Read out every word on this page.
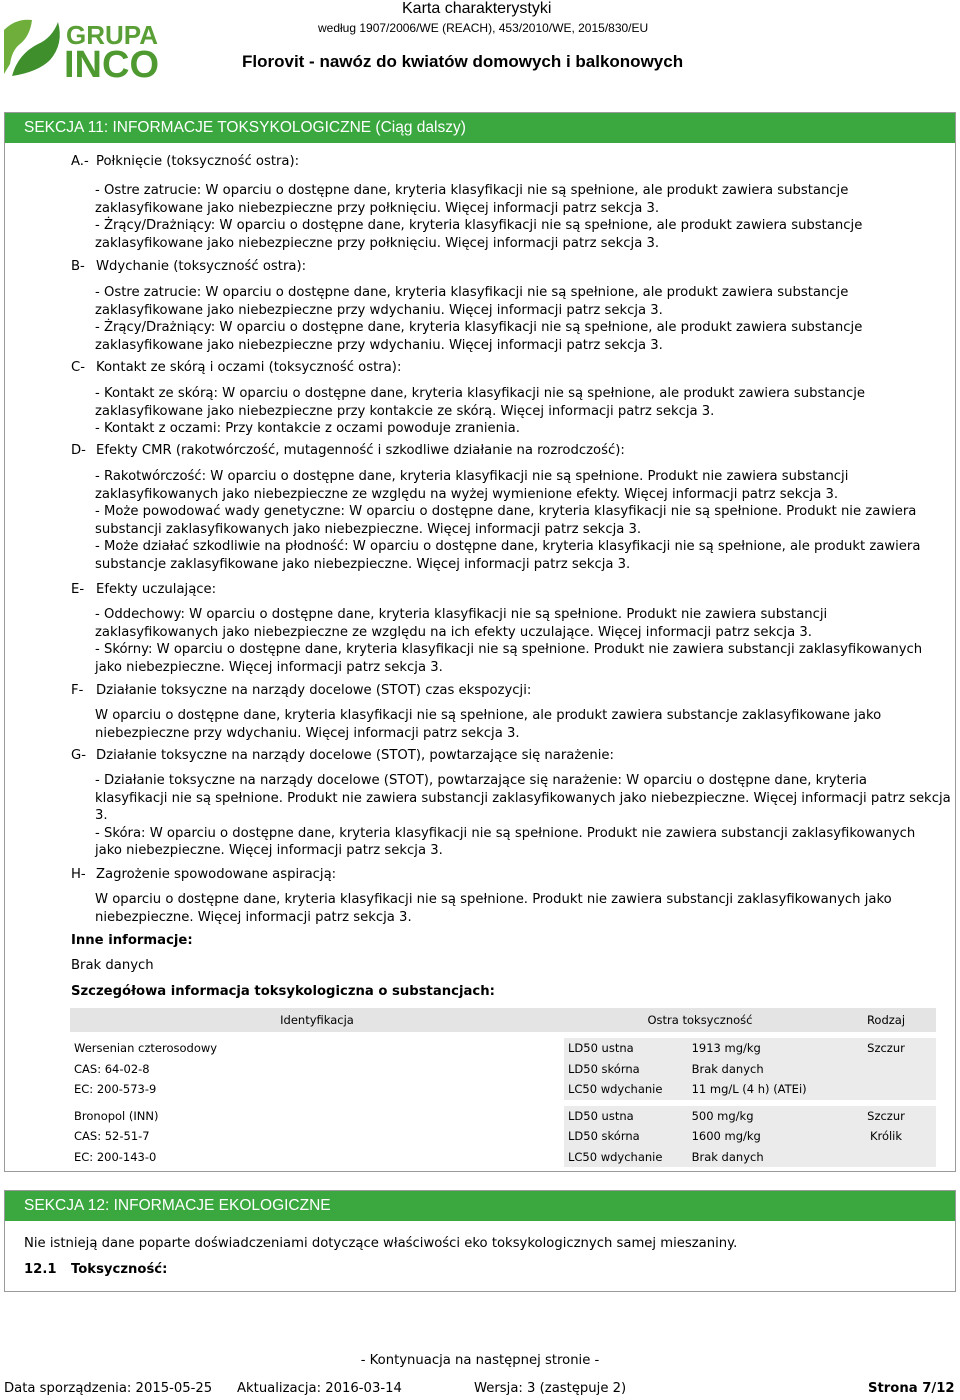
GRUPA
INCO
Karta charakterystyki
według 1907/2006/WE (REACH), 453/2010/WE, 2015/830/EU
Florovit - nawóz do kwiatów domowych i balkonowych
SEKCJA 11: INFORMACJE TOKSYKOLOGICZNE (Ciąg dalszy)
A.- Połknięcie (toksyczność ostra):
- Ostre zatrucie: W oparciu o dostępne dane, kryteria klasyfikacji nie są spełnione, ale produkt zawiera substancje
zaklasyfikowane jako niebezpieczne przy połknięciu. Więcej informacji patrz sekcja 3.
- Żrący/Drażniący: W oparciu o dostępne dane, kryteria klasyfikacji nie są spełnione, ale produkt zawiera substancje
zaklasyfikowane jako niebezpieczne przy połknięciu. Więcej informacji patrz sekcja 3.
B- Wdychanie (toksyczność ostra):
- Ostre zatrucie: W oparciu o dostępne dane, kryteria klasyfikacji nie są spełnione, ale produkt zawiera substancje
zaklasyfikowane jako niebezpieczne przy wdychaniu. Więcej informacji patrz sekcja 3.
- Żrący/Drażniący: W oparciu o dostępne dane, kryteria klasyfikacji nie są spełnione, ale produkt zawiera substancje
zaklasyfikowane jako niebezpieczne przy wdychaniu. Więcej informacji patrz sekcja 3.
C- Kontakt ze skórą i oczami (toksyczność ostra):
- Kontakt ze skórą: W oparciu o dostępne dane, kryteria klasyfikacji nie są spełnione, ale produkt zawiera substancje
zaklasyfikowane jako niebezpieczne przy kontakcie ze skórą. Więcej informacji patrz sekcja 3.
- Kontakt z oczami: Przy kontakcie z oczami powoduje zranienia.
D- Efekty CMR (rakotwórczość, mutagenność i szkodliwe działanie na rozrodczość):
- Rakotwórczość: W oparciu o dostępne dane, kryteria klasyfikacji nie są spełnione. Produkt nie zawiera substancji
zaklasyfikowanych jako niebezpieczne ze względu na wyżej wymienione efekty. Więcej informacji patrz sekcja 3.
- Może powodować wady genetyczne: W oparciu o dostępne dane, kryteria klasyfikacji nie są spełnione. Produkt nie zawiera
substancji zaklasyfikowanych jako niebezpieczne. Więcej informacji patrz sekcja 3.
- Może działać szkodliwie na płodność: W oparciu o dostępne dane, kryteria klasyfikacji nie są spełnione, ale produkt zawiera
substancje zaklasyfikowane jako niebezpieczne. Więcej informacji patrz sekcja 3.
E- Efekty uczulające:
- Oddechowy: W oparciu o dostępne dane, kryteria klasyfikacji nie są spełnione. Produkt nie zawiera substancji
zaklasyfikowanych jako niebezpieczne ze względu na ich efekty uczulające. Więcej informacji patrz sekcja 3.
- Skórny: W oparciu o dostępne dane, kryteria klasyfikacji nie są spełnione. Produkt nie zawiera substancji zaklasyfikowanych
jako niebezpieczne. Więcej informacji patrz sekcja 3.
F- Działanie toksyczne na narządy docelowe (STOT) czas ekspozycji:
W oparciu o dostępne dane, kryteria klasyfikacji nie są spełnione, ale produkt zawiera substancje zaklasyfikowane jako
niebezpieczne przy wdychaniu. Więcej informacji patrz sekcja 3.
G- Działanie toksyczne na narządy docelowe (STOT), powtarzające się narażenie:
- Działanie toksyczne na narządy docelowe (STOT), powtarzające się narażenie: W oparciu o dostępne dane, kryteria
klasyfikacji nie są spełnione. Produkt nie zawiera substancji zaklasyfikowanych jako niebezpieczne. Więcej informacji patrz sekcja
3.
- Skóra: W oparciu o dostępne dane, kryteria klasyfikacji nie są spełnione. Produkt nie zawiera substancji zaklasyfikowanych
jako niebezpieczne. Więcej informacji patrz sekcja 3.
H- Zagrożenie spowodowane aspiracją:
W oparciu o dostępne dane, kryteria klasyfikacji nie są spełnione. Produkt nie zawiera substancji zaklasyfikowanych jako
niebezpieczne. Więcej informacji patrz sekcja 3.
Inne informacje:
Brak danych
Szczegółowa informacja toksykologiczna o substancjach:
Identyfikacja	Ostra toksyczność		Rodzaj

Wersenian czterosodowy	LD50 ustna	1913 mg/kg	Szczur
CAS: 64-02-8	LD50 skórna	Brak danych	
EC: 200-573-9	LC50 wdychanie	11 mg/L (4 h) (ATEi)	

Bronopol (INN)	LD50 ustna	500 mg/kg	Szczur
CAS: 52-51-7	LD50 skórna	1600 mg/kg	Królik
EC: 200-143-0	LC50 wdychanie	Brak danych	
SEKCJA 12: INFORMACJE EKOLOGICZNE
Nie istnieją dane poparte doświadczeniami dotyczące właściwości eko toksykologicznych samej mieszaniny.
12.1 Toksyczność:
- Kontynuacja na następnej stronie -
Data sporządzenia: 2015-05-25 Aktualizacja: 2016-03-14	Wersja: 3 (zastępuje 2)	Strona 7/12
